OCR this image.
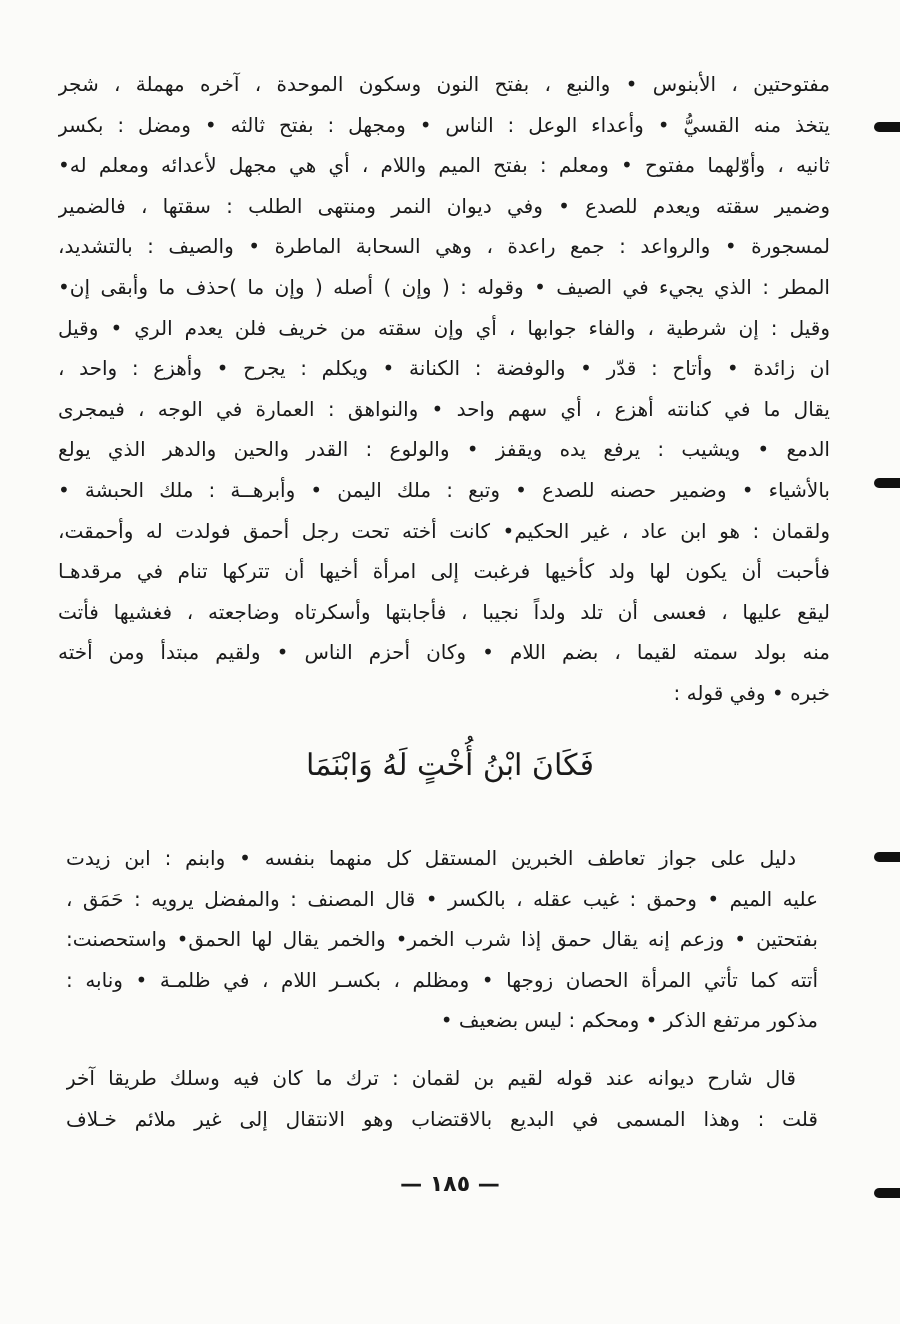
مفتوحتين ، الأبنوس • والنبع ، بفتح النون وسكون الموحدة ، آخره مهملة ، شجر
يتخذ منه القسيُّ • وأعداء الوعل : الناس • ومجهل : بفتح ثالثه • ومضل : بكسر
ثانيه ، وأوّلهما مفتوح • ومعلم : بفتح الميم واللام ، أي هي مجهل لأعدائه ومعلم له•
وضمير سقته ويعدم للصدع • وفي ديوان النمر ومنتهى الطلب : سقتها ، فالضمير
لمسجورة • والرواعد : جمع راعدة ، وهي السحابة الماطرة • والصيف : بالتشديد،
المطر : الذي يجيء في الصيف • وقوله : ( وإن ) أصله ( وإن ما )حذف ما وأبقى إن•
وقيل : إن شرطية ، والفاء جوابها ، أي وإن سقته من خريف فلن يعدم الري • وقيل
ان زائدة • وأتاح : قدّر • والوفضة : الكنانة • ويكلم : يجرح • وأهزع : واحد ،
يقال ما في كنانته أهزع ، أي سهم واحد • والنواهق : العمارة في الوجه ، فيمجرى
الدمع • ويشيب : يرفع يده ويقفز • والولوع : القدر والحين والدهر الذي يولع
بالأشياء • وضمير حصنه للصدع • وتبع : ملك اليمن • وأبرهــة : ملك الحبشة •
ولقمان : هو ابن عاد ، غير الحكيم• كانت أخته تحت رجل أحمق فولدت له وأحمقت،
فأحبت أن يكون لها ولد كأخيها فرغبت إلى امرأة أخيها أن تتركها تنام في مرقدهـا
ليقع عليها ، فعسى أن تلد ولداً نجيبا ، فأجابتها وأسكرتاه وضاجعته ، فغشيها فأتت
منه بولد سمته لقيما ، بضم اللام • وكان أحزم الناس • ولقيم مبتدأ ومن أخته
خبره • وفي قوله :
فَكَانَ ابْنُ أُخْتٍ لَهُ وَابْنَمَا
دليل على جواز تعاطف الخبرين المستقل كل منهما بنفسه • وابنم : ابن زيدت
عليه الميم • وحمق : غيب عقله ، بالكسر • قال المصنف : والمفضل يرويه : حَمَق ،
بفتحتين • وزعم إنه يقال حمق إذا شرب الخمر• والخمر يقال لها الحمق• واستحصنت:
أتته كما تأتي المرأة الحصان زوجها • ومظلم ، بكسـر اللام ، في ظلمـة • ونابه :
مذكور مرتفع الذكر • ومحكم : ليس بضعيف •
قال شارح ديوانه عند قوله لقيم بن لقمان : ترك ما كان فيه وسلك طريقا آخر
قلت : وهذا المسمى في البديع بالاقتضاب وهو الانتقال إلى غير ملائم خـلاف
— ١٨٥ —
